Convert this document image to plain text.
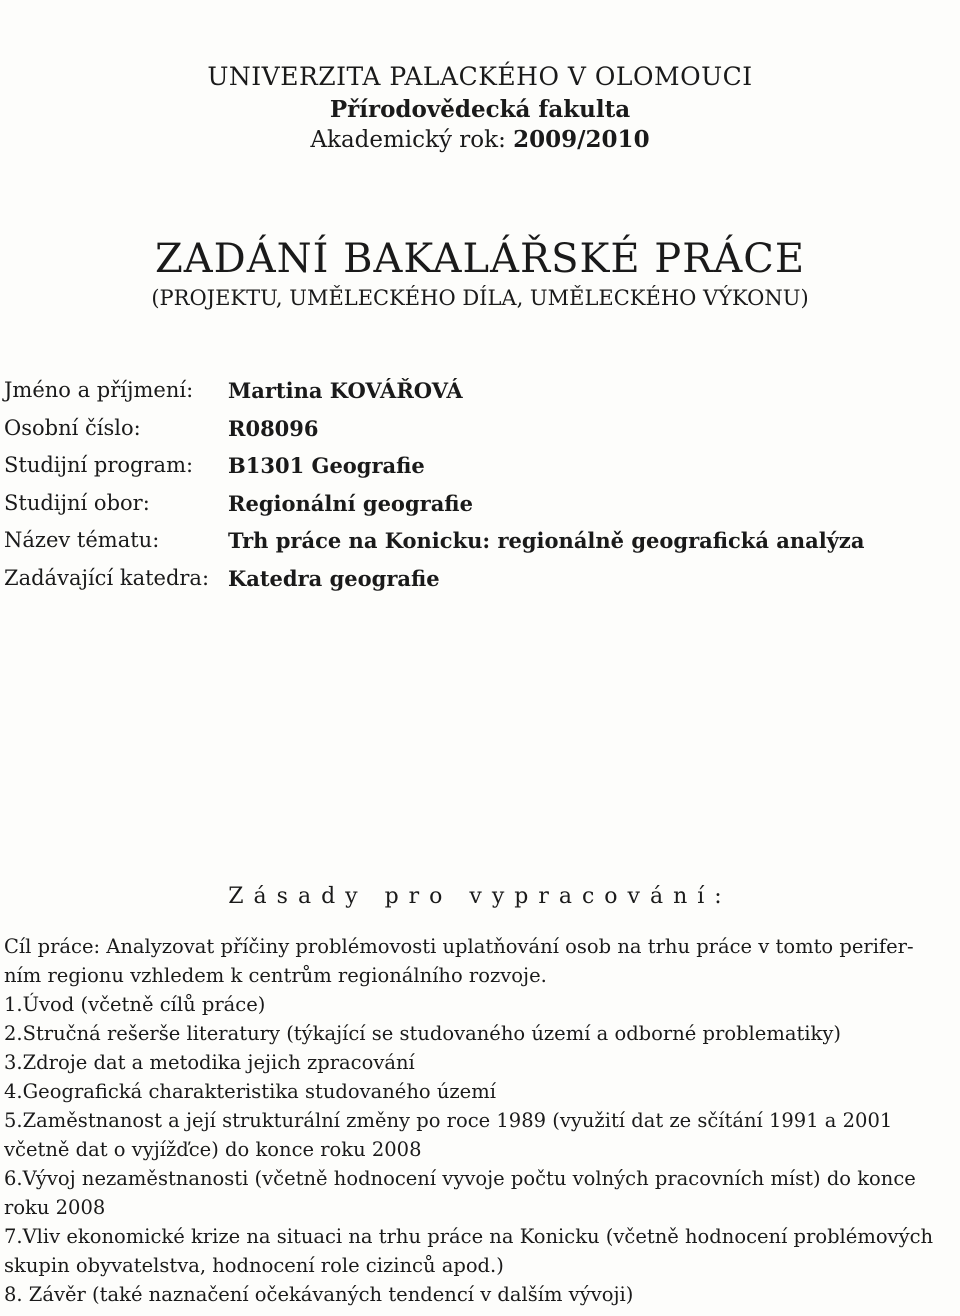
UNIVERZITA PALACKÉHO V OLOMOUCI
Přírodovědecká fakulta
Akademický rok: 2009/2010
ZADÁNÍ BAKALÁŘSKÉ PRÁCE
(PROJEKTU, UMĚLECKÉHO DÍLA, UMĚLECKÉHO VÝKONU)
Jméno a příjmení: Martina KOVÁŘOVÁ
Osobní číslo:	R08096
Studijní program: B1301 Geografie
Studijní obor:	Regionální geografie
Název tématu:	Trh práce na Konicku: regionálně geografická analýza
Zadávající katedra: Katedra geografie
Zásady pro vypracování:

Cíl práce: Analyzovat příčiny problémovosti uplatňování osob na trhu práce v tomto perifer-

ním regionu vzhledem k centrům regionálního rozvoje.

1.Úvod (včetně cílů práce)

2.Stručná rešerše literatury (týkající se studovaného území a odborné problematiky)

3.Zdroje dat a metodika jejich zpracování

4.Geografická charakteristika studovaného území

5.Zaměstnanost a její strukturální změny po roce 1989 (využití dat ze sčítání 1991 a 2001

včetně dat o vyjížďce) do konce roku 2008

6.Vývoj nezaměstnanosti (včetně hodnocení vyvoje počtu volných pracovních míst) do konce

roku 2008

7.Vliv ekonomické krize na situaci na trhu práce na Konicku (včetně hodnocení problémových

skupin obyvatelstva, hodnocení role cizinců apod.)

8. Závěr (také naznačení očekávaných tendencí v dalším vývoji)
